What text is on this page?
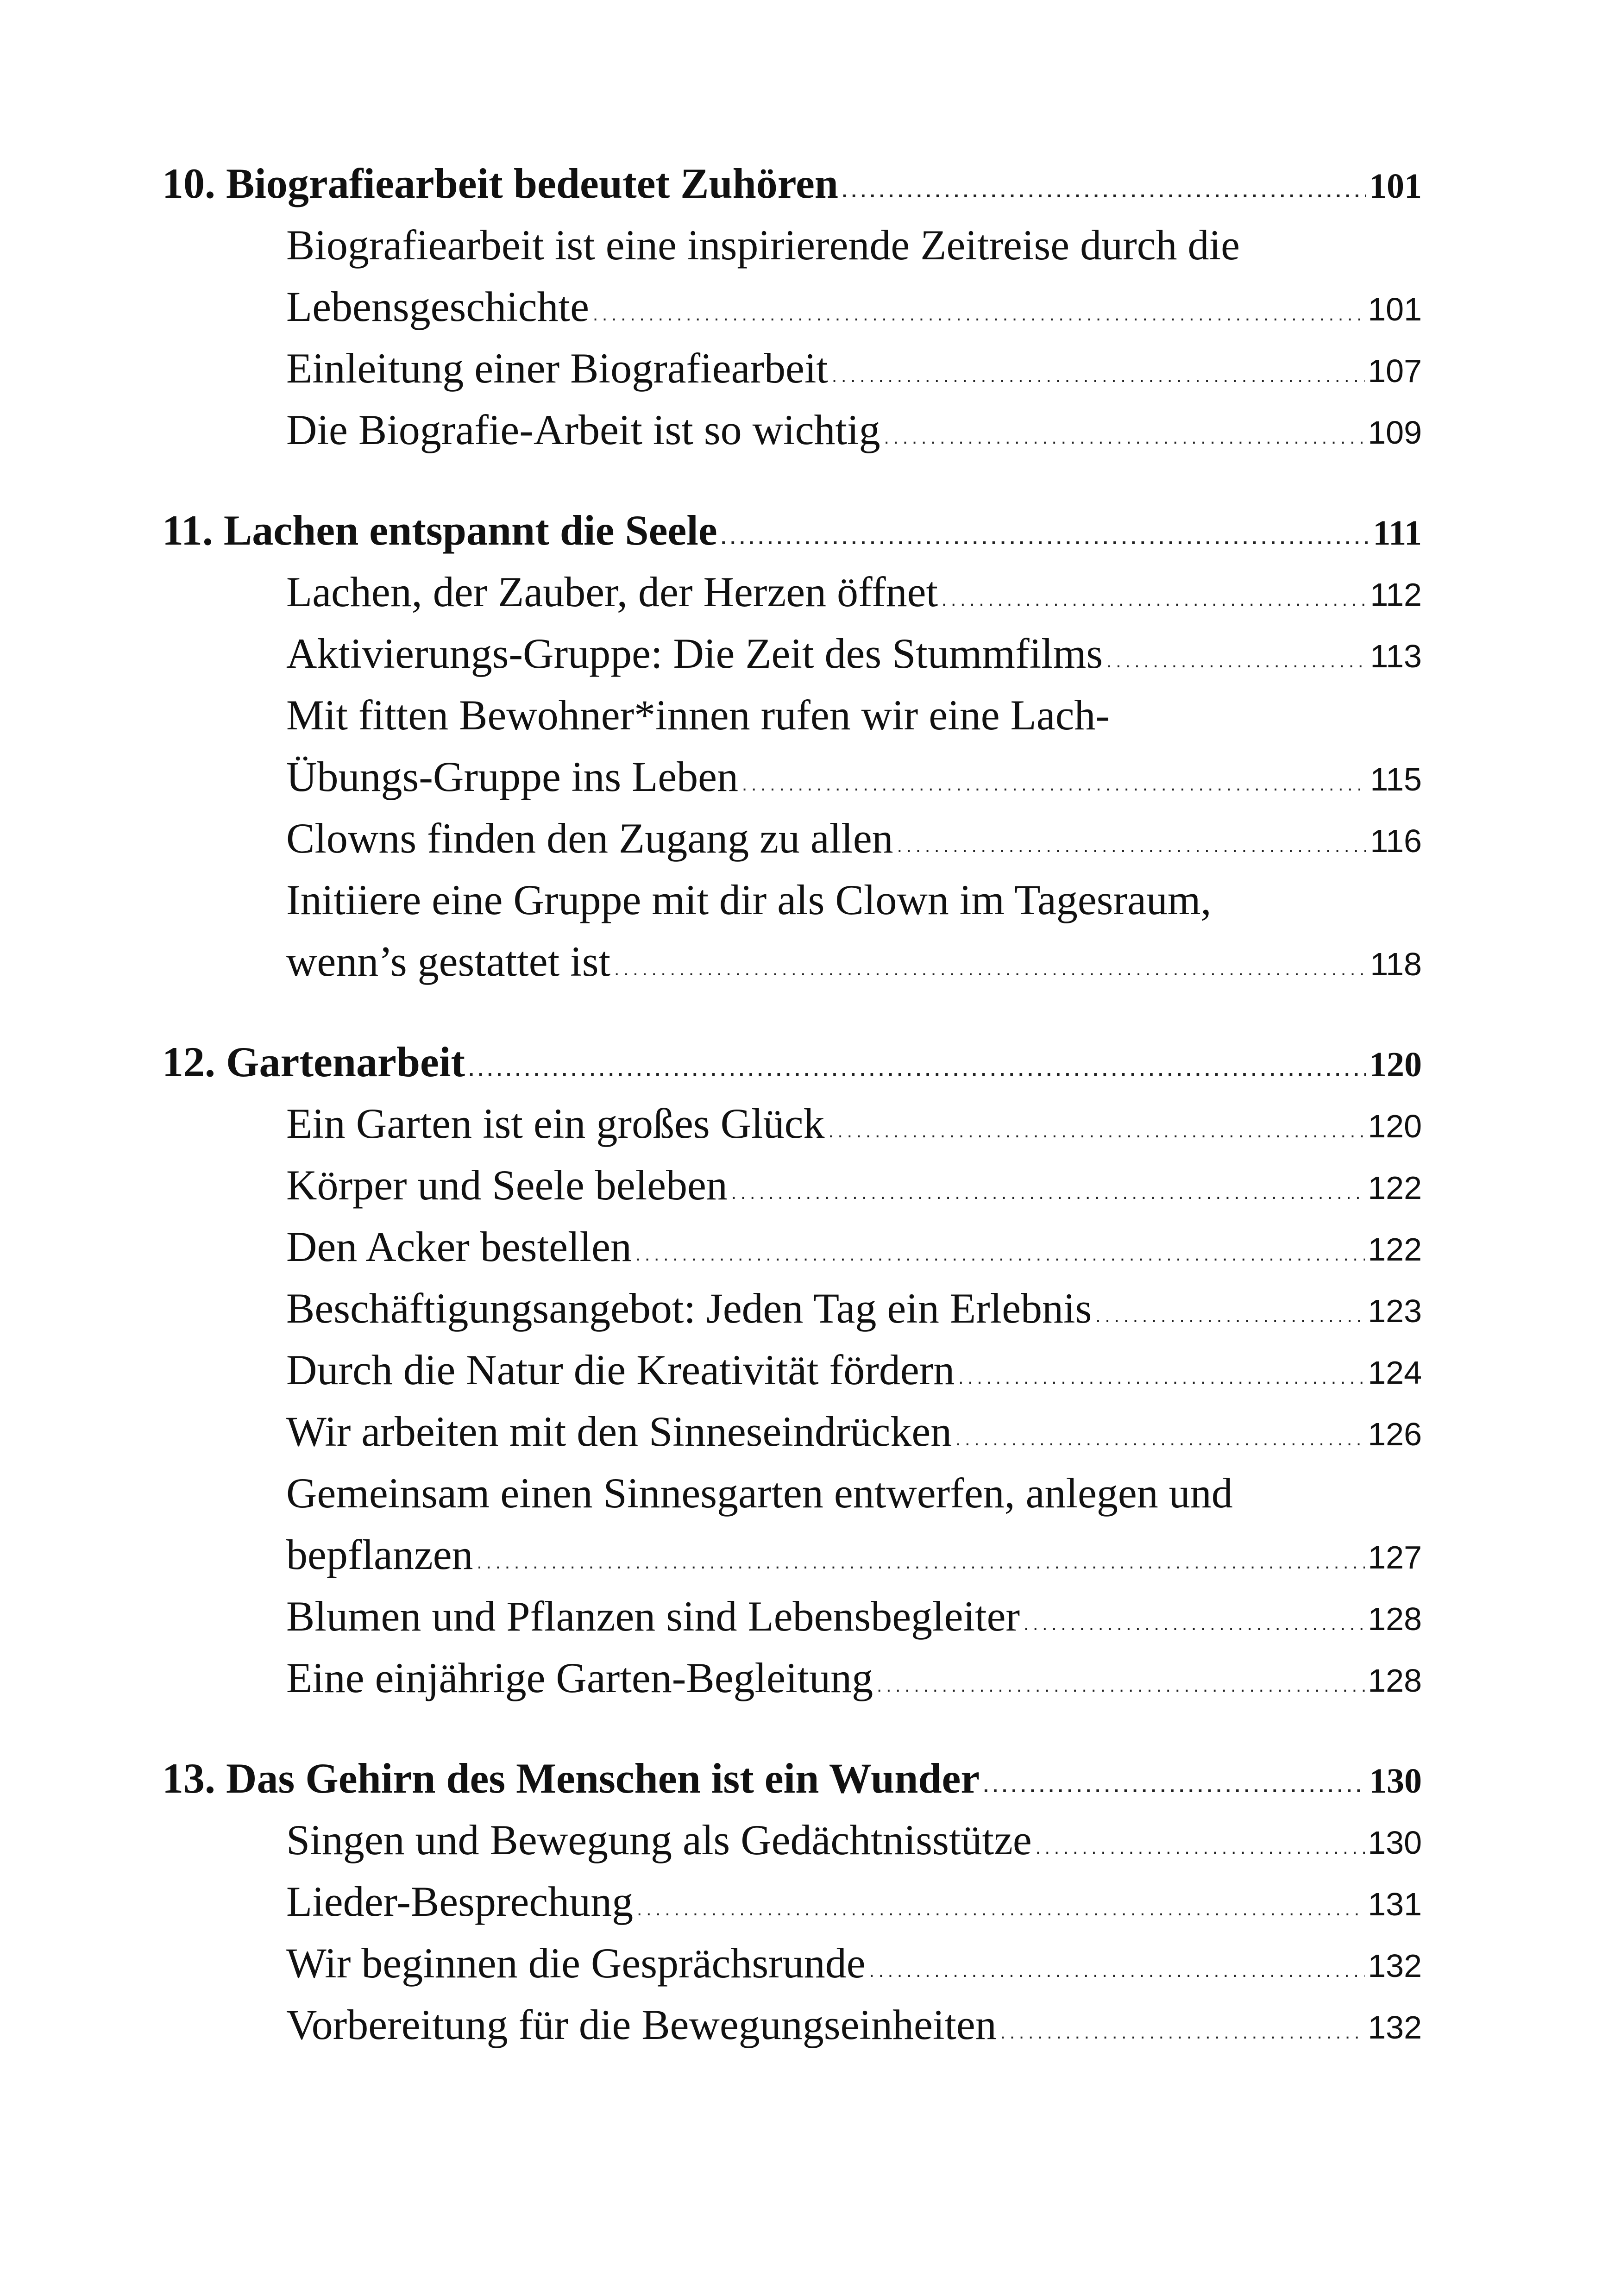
10. Biografiearbeit bedeutet Zuhören .....	101
Biografiearbeit ist eine inspirierende Zeitreise durch die
Lebensgeschichte .....	101
Einleitung einer Biografiearbeit .....	107
Die Biografie-Arbeit ist so wichtig .....	109
11. Lachen entspannt die Seele .....	111
Lachen, der Zauber, der Herzen öffnet .....	112
Aktivierungs-Gruppe: Die Zeit des Stummfilms .....	113
Mit fitten Bewohner*innen rufen wir eine Lach-
Übungs-Gruppe ins Leben .....	115
Clowns finden den Zugang zu allen .....	116
Initiiere eine Gruppe mit dir als Clown im Tagesraum,
wenn’s gestattet ist .....	118
12. Gartenarbeit .....	120
Ein Garten ist ein großes Glück .....	120
Körper und Seele beleben .....	122
Den Acker bestellen .....	122
Beschäftigungsangebot: Jeden Tag ein Erlebnis .....	123
Durch die Natur die Kreativität fördern .....	124
Wir arbeiten mit den Sinneseindrücken .....	126
Gemeinsam einen Sinnesgarten entwerfen, anlegen und
bepflanzen .....	127
Blumen und Pflanzen sind Lebensbegleiter .....	128
Eine einjährige Garten-Begleitung .....	128
13. Das Gehirn des Menschen ist ein Wunder .....	130
Singen und Bewegung als Gedächtnisstütze .....	130
Lieder-Besprechung .....	131
Wir beginnen die Gesprächsrunde .....	132
Vorbereitung für die Bewegungseinheiten .....	132
